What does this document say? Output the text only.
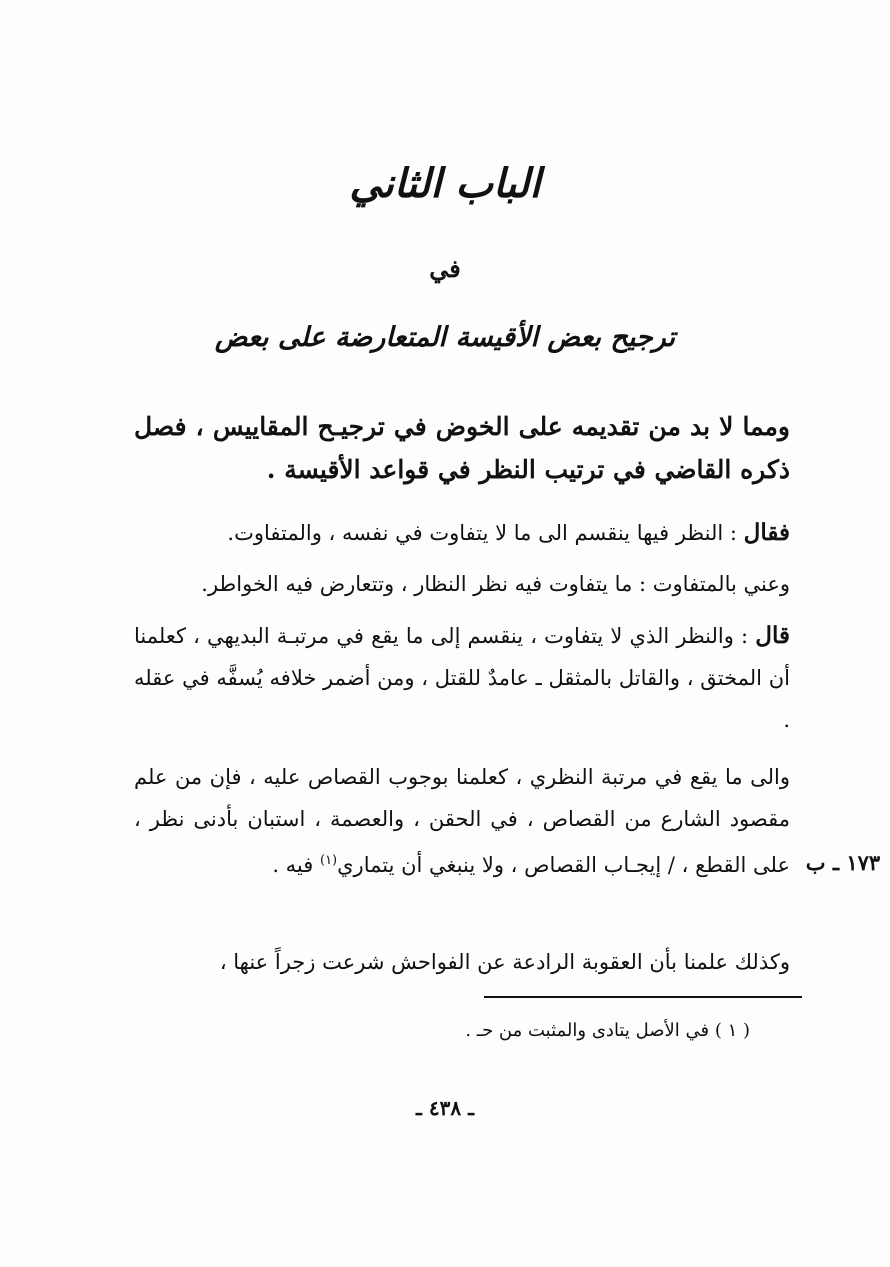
الباب الثاني
في
ترجيح بعض الأقيسة المتعارضة على بعض
ومما لا بد من تقديمه على الخوض في ترجيـح المقاييس ، فصل ذكره القاضي في ترتيب النظر في قواعد الأقيسة .
فقال : النظر فيها ينقسم الى ما لا يتفاوت في نفسه ، والمتفاوت.
وعني بالمتفاوت : ما يتفاوت فيه نظر النظار ، وتتعارض فيه الخواطر.
قال : والنظر الذي لا يتفاوت ، ينقسم إلى ما يقع في مرتبـة البديهي ، كعلمنا أن المختق ، والقاتل بالمثقل ـ عامدٌ للقتل ، ومن أضمر خلافه يُسفَّه في عقله .
والى ما يقع في مرتبة النظري ، كعلمنا بوجوب القصاص عليه ، فإن من علم مقصود الشارع من القصاص ، في الحقن ، والعصمة ، استبان بأدنى نظر ، على القطع ، / إيجـاب القصاص ، ولا ينبغي أن يتماري$^{(١)}$ فيه .	١٧٣ ـ ب
وكذلك علمنا بأن العقوبة الرادعة عن الفواحش شرعت زجراً عنها ،
( ١ ) في الأصل يتادى والمثبت من حـ .
ـ ٤٣٨ ـ
